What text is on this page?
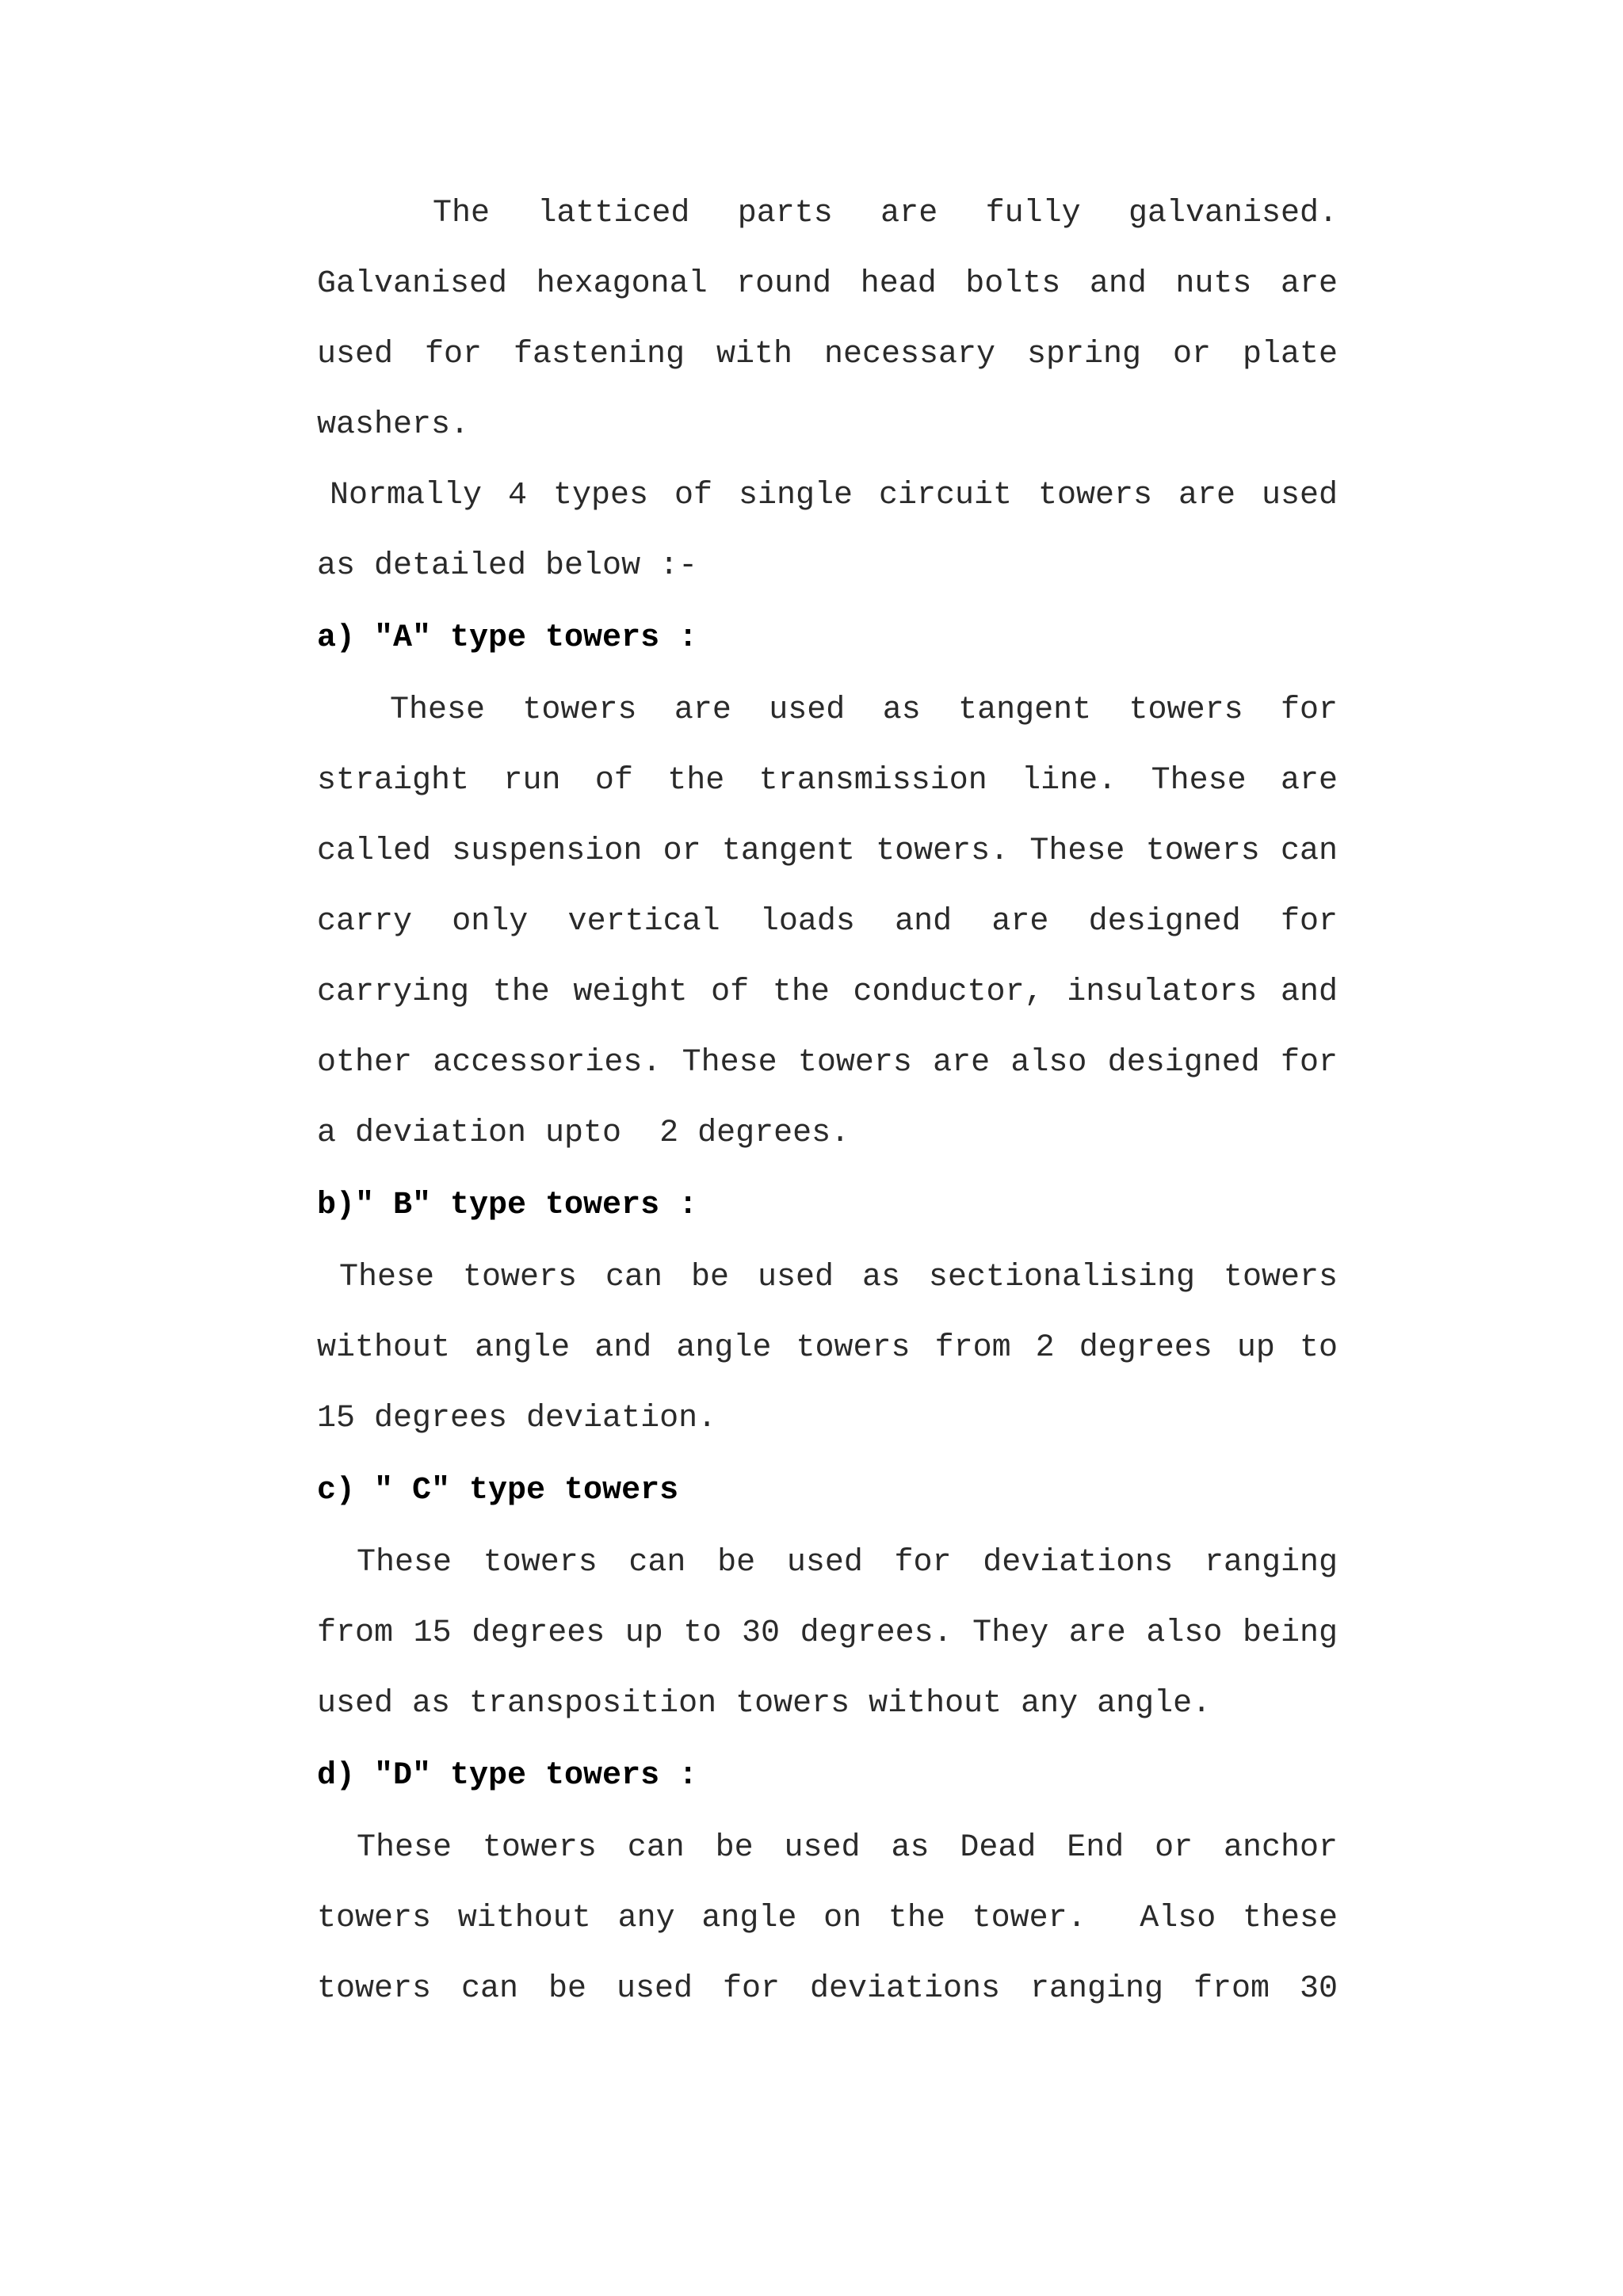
The latticed parts are fully galvanised. Galvanised hexagonal round head bolts and nuts are used for fastening with necessary spring or plate washers.

Normally 4 types of single circuit towers are used as detailed below :-

a) "A" type towers :

These towers are used as tangent towers for straight run of the transmission line. These are called suspension or tangent towers. These towers can carry only vertical loads and are designed for carrying the weight of the conductor, insulators and other accessories. These towers are also designed for a deviation upto  2 degrees.

b)" B" type towers :

These towers can be used as sectionalising towers without angle and angle towers from 2 degrees up to 15 degrees deviation.

c) " C" type towers

These towers can be used for deviations ranging from 15 degrees up to 30 degrees. They are also being used as transposition towers without any angle.

d) "D" type towers :

These towers can be used as Dead End or anchor towers without any angle on the tower.  Also these towers can be used for deviations ranging from 30
